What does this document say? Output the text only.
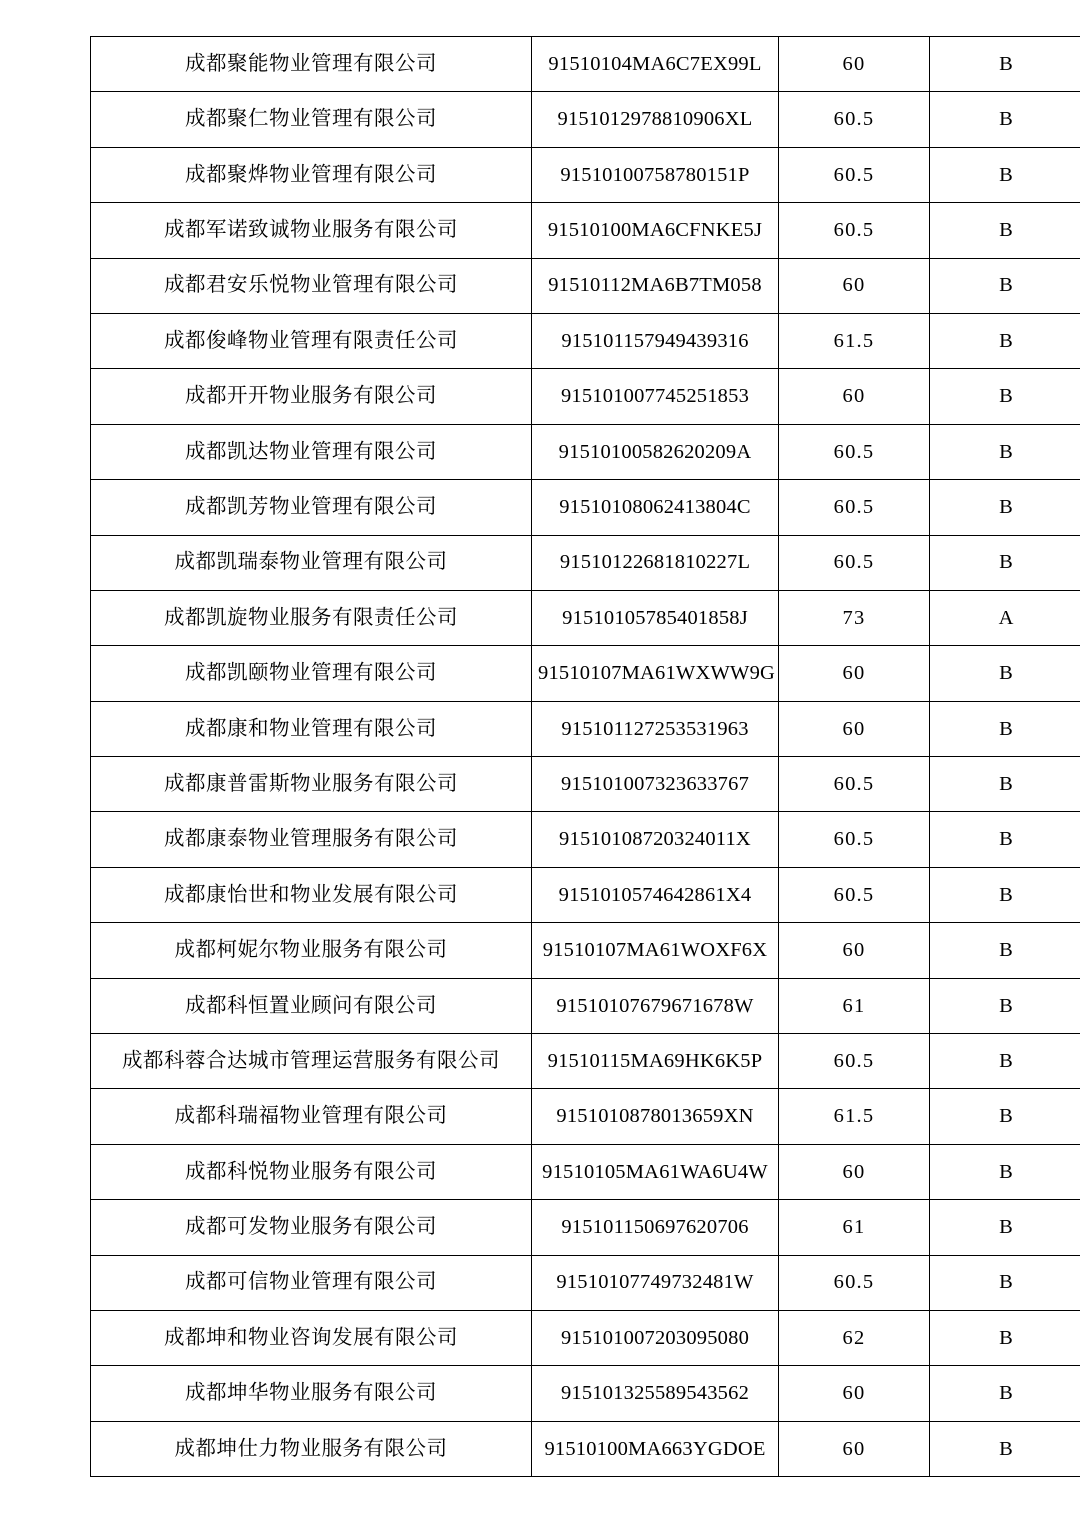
成都聚能物业管理有限公司	91510104MA6C7EX99L	60	B
成都聚仁物业管理有限公司	9151012978810906XL	60.5	B
成都聚烨物业管理有限公司	91510100758780151P	60.5	B
成都军诺致诚物业服务有限公司	91510100MA6CFNKE5J	60.5	B
成都君安乐悦物业管理有限公司	91510112MA6B7TM058	60	B
成都俊峰物业管理有限责任公司	915101157949439316	61.5	B
成都开开物业服务有限公司	915101007745251853	60	B
成都凯达物业管理有限公司	91510100582620209A	60.5	B
成都凯芳物业管理有限公司	91510108062413804C	60.5	B
成都凯瑞泰物业管理有限公司	91510122681810227L	60.5	B
成都凯旋物业服务有限责任公司	91510105785401858J	73	A
成都凯颐物业管理有限公司	91510107MA61WXWW9G	60	B
成都康和物业管理有限公司	915101127253531963	60	B
成都康普雷斯物业服务有限公司	915101007323633767	60.5	B
成都康泰物业管理服务有限公司	91510108720324011X	60.5	B
成都康怡世和物业发展有限公司	9151010574642861X4	60.5	B
成都柯妮尔物业服务有限公司	91510107MA61WOXF6X	60	B
成都科恒置业顾问有限公司	91510107679671678W	61	B
成都科蓉合达城市管理运营服务有限公司	91510115MA69HK6K5P	60.5	B
成都科瑞福物业管理有限公司	9151010878013659XN	61.5	B
成都科悦物业服务有限公司	91510105MA61WA6U4W	60	B
成都可发物业服务有限公司	915101150697620706	61	B
成都可信物业管理有限公司	91510107749732481W	60.5	B
成都坤和物业咨询发展有限公司	915101007203095080	62	B
成都坤华物业服务有限公司	915101325589543562	60	B
成都坤仕力物业服务有限公司	91510100MA663YGDOE	60	B
